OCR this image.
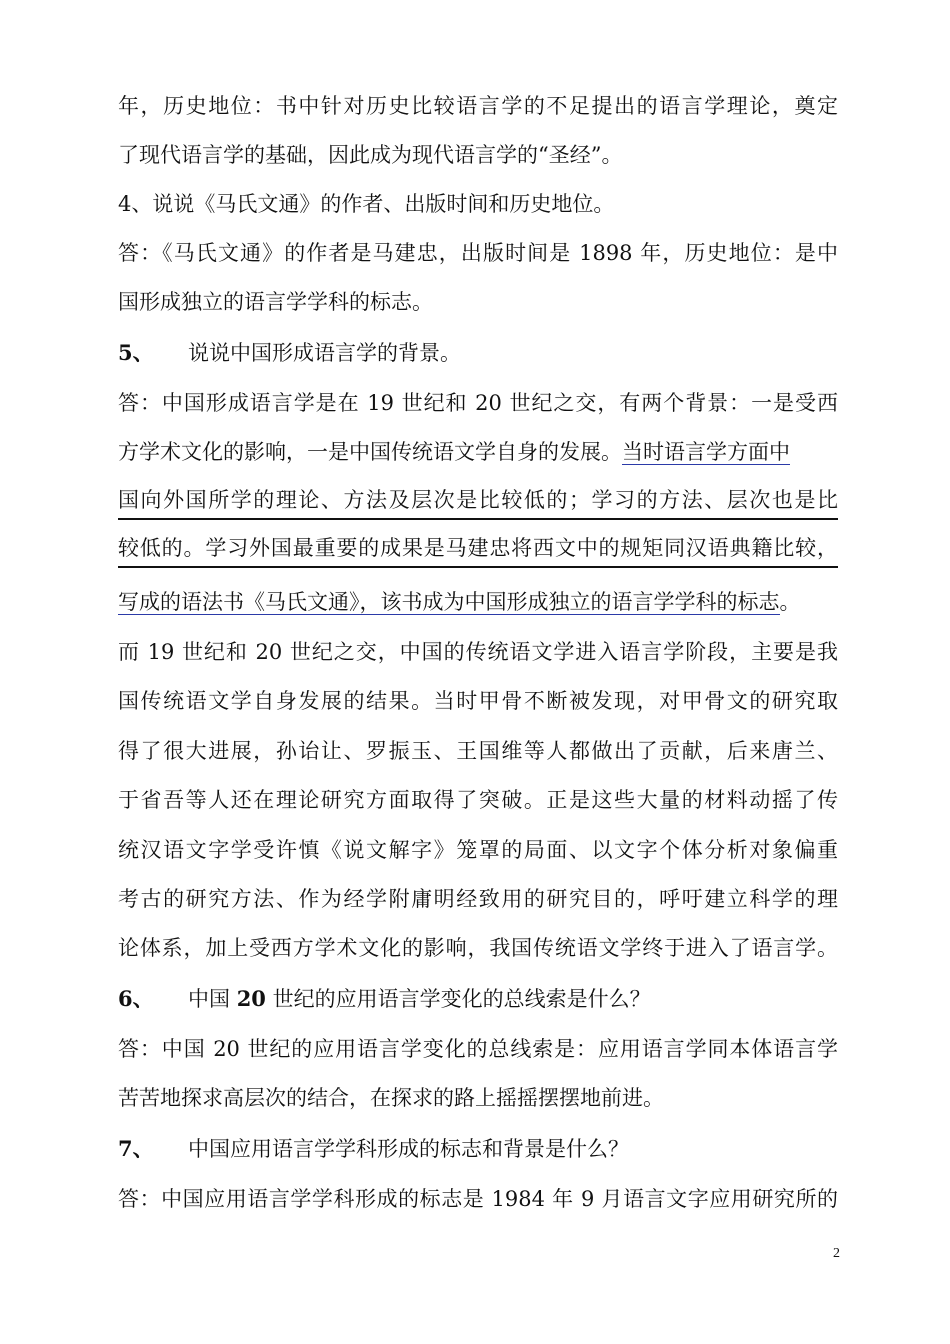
年，历史地位：书中针对历史比较语言学的不足提出的语言学理论，奠定
了现代语言学的基础，因此成为现代语言学的“圣经”。
4、说说《马氏文通》的作者、出版时间和历史地位。
答：《马氏文通》的作者是马建忠，出版时间是 1898 年，历史地位：是中
国形成独立的语言学学科的标志。
5、 说说中国形成语言学的背景。
答：中国形成语言学是在 19 世纪和 20 世纪之交，有两个背景：一是受西
方学术文化的影响，一是中国传统语文学自身的发展。当时语言学方面中
国向外国所学的理论、方法及层次是比较低的；学习的方法、层次也是比
较低的。学习外国最重要的成果是马建忠将西文中的规矩同汉语典籍比较，
写成的语法书《马氏文通》，该书成为中国形成独立的语言学学科的标志。
而 19 世纪和 20 世纪之交，中国的传统语文学进入语言学阶段，主要是我
国传统语文学自身发展的结果。当时甲骨不断被发现，对甲骨文的研究取
得了很大进展，孙诒让、罗振玉、王国维等人都做出了贡献，后来唐兰、
于省吾等人还在理论研究方面取得了突破。正是这些大量的材料动摇了传
统汉语文字学受许慎《说文解字》笼罩的局面、以文字个体分析对象偏重
考古的研究方法、作为经学附庸明经致用的研究目的，呼吁建立科学的理
论体系，加上受西方学术文化的影响，我国传统语文学终于进入了语言学。
6、 中国 20 世纪的应用语言学变化的总线索是什么？
答：中国 20 世纪的应用语言学变化的总线索是：应用语言学同本体语言学
苦苦地探求高层次的结合，在探求的路上摇摇摆摆地前进。
7、 中国应用语言学学科形成的标志和背景是什么？
答：中国应用语言学学科形成的标志是 1984 年 9 月语言文字应用研究所的
2
